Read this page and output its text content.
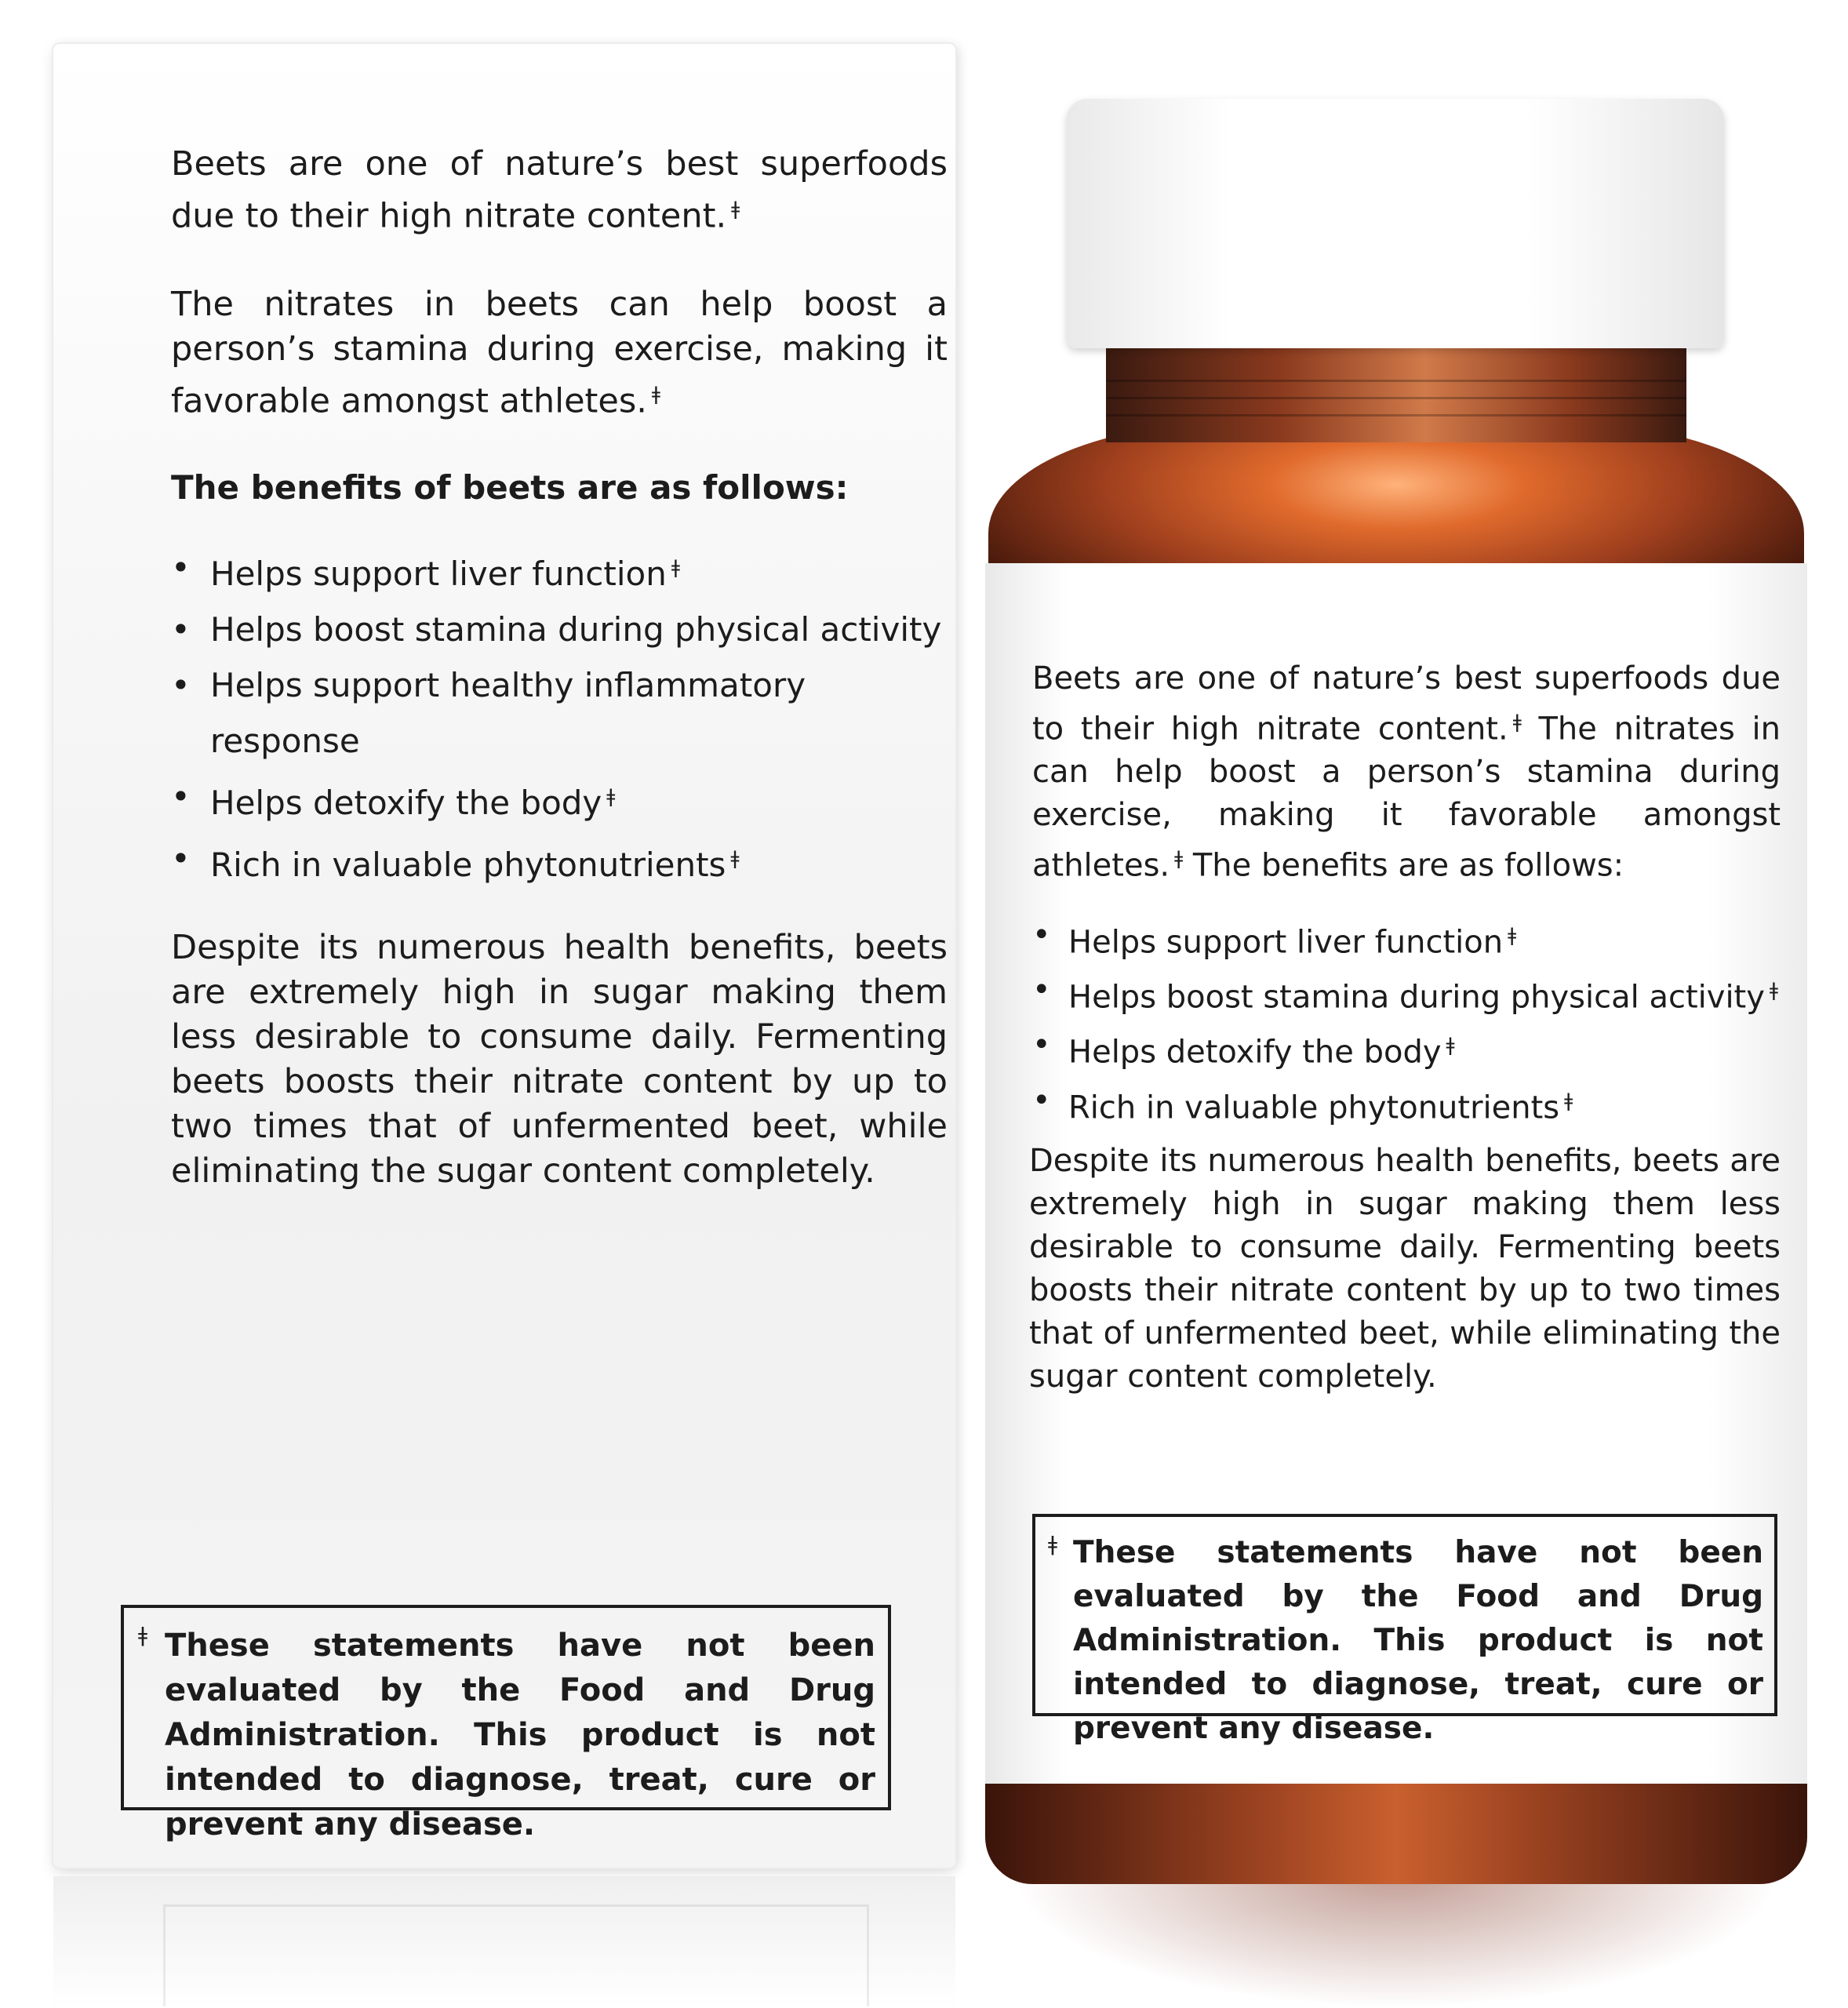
Beets are one of nature’s best superfoods due to their high nitrate content. $^ǂ$

The nitrates in beets can help boost a person’s stamina during exercise, making it favorable amongst athletes. $^ǂ$

The benefits of beets are as follows:
• Helps support liver function $^ǂ$
• Helps boost stamina during physical activity
• Helps support healthy inflammatory response
• Helps detoxify the body $^ǂ$
• Rich in valuable phytonutrients $^ǂ$

Despite its numerous health benefits, beets are extremely high in sugar making them less desirable to consume daily. Fermenting beets boosts their nitrate content by up to two times that of unfermented beet, while eliminating the sugar content completely.

ǂ These statements have not been evaluated by the Food and Drug Administration. This product is not intended to diagnose, treat, cure or prevent any disease.

Beets are one of nature’s best superfoods due to their high nitrate content. $^ǂ$ The nitrates in can help boost a person’s stamina during exercise, making it favorable amongst athletes. $^ǂ$ The benefits are as follows:

• Helps support liver function $^ǂ$
• Helps boost stamina during physical activity $^ǂ$
• Helps detoxify the body $^ǂ$
• Rich in valuable phytonutrients $^ǂ$

Despite its numerous health benefits, beets are extremely high in sugar making them less desirable to consume daily. Fermenting beets boosts their nitrate content by up to two times that of unfermented beet, while eliminating the sugar content completely.

ǂ These statements have not been evaluated by the Food and Drug Administration. This product is not intended to diagnose, treat, cure or prevent any disease.
